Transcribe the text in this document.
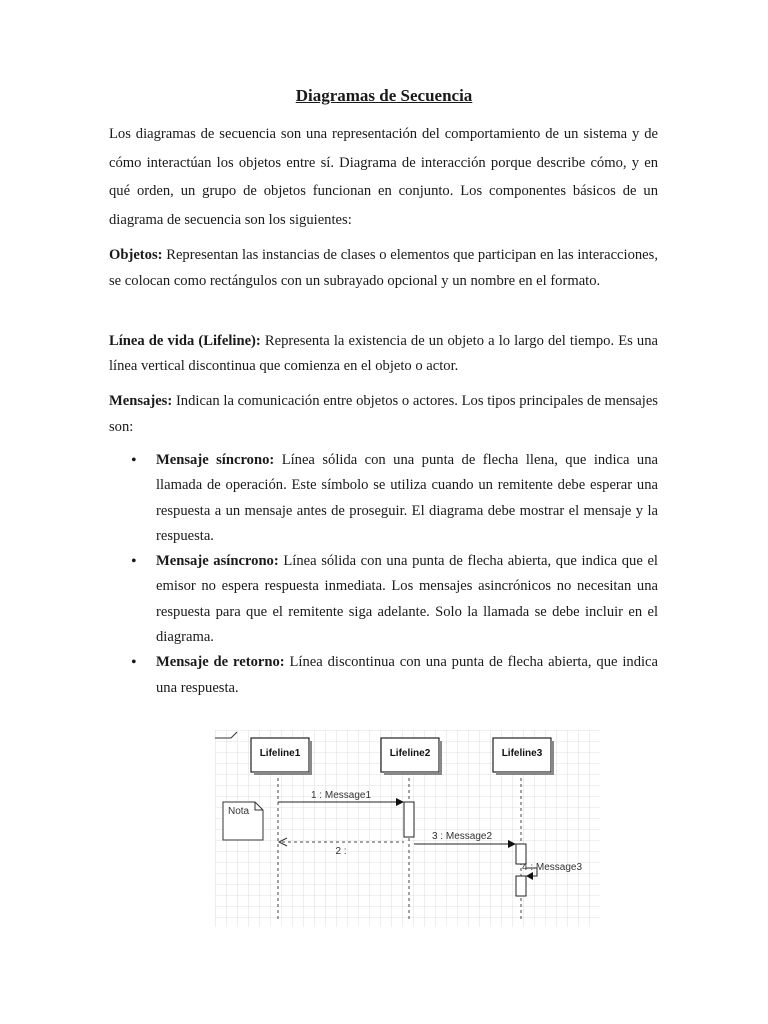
Diagramas de Secuencia

Los diagramas de secuencia son una representación del comportamiento de un sistema y de cómo interactúan los objetos entre sí. Diagrama de interacción porque describe cómo, y en qué orden, un grupo de objetos funcionan en conjunto. Los componentes básicos de un diagrama de secuencia son los siguientes:

Objetos: Representan las instancias de clases o elementos que participan en las interacciones, se colocan como rectángulos con un subrayado opcional y un nombre en el formato.

Línea de vida (Lifeline): Representa la existencia de un objeto a lo largo del tiempo. Es una línea vertical discontinua que comienza en el objeto o actor.

Mensajes: Indican la comunicación entre objetos o actores. Los tipos principales de mensajes son:

• Mensaje síncrono: Línea sólida con una punta de flecha llena, que indica una llamada de operación. Este símbolo se utiliza cuando un remitente debe esperar una respuesta a un mensaje antes de proseguir. El diagrama debe mostrar el mensaje y la respuesta.
• Mensaje asíncrono: Línea sólida con una punta de flecha abierta, que indica que el emisor no espera respuesta inmediata. Los mensajes asincrónicos no necesitan una respuesta para que el remitente siga adelante. Solo la llamada se debe incluir en el diagrama.
• Mensaje de retorno: Línea discontinua con una punta de flecha abierta, que indica una respuesta.
Lifeline1	Lifeline2	Lifeline3
Nota
1 : Message1
2 :
3 : Message2
4 : Message3
